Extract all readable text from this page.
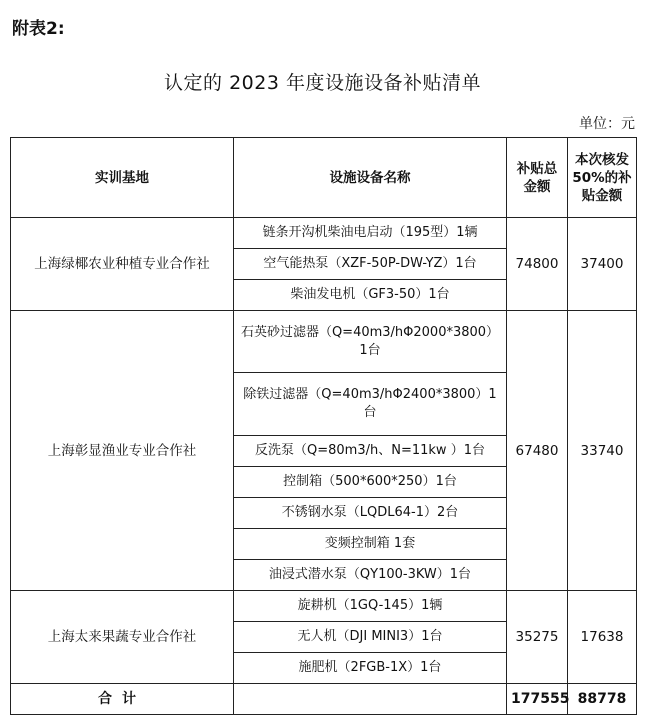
附表2:
认定的 2023 年度设施设备补贴清单
单位：元
实训基地	设施设备名称	补贴总金额	本次核发50%的补贴金额
上海绿椰农业种植专业合作社	链条开沟机柴油电启动（195型）1辆	74800	37400
	空气能热泵（XZF-50P-DW-YZ）1台		
	柴油发电机（GF3-50）1台		
上海彰显渔业专业合作社	石英砂过滤器（Q=40m3/hΦ2000*3800）1台	67480	33740
	除铁过滤器（Q=40m3/hΦ2400*3800）1台		
	反洗泵（Q=80m3/h、N=11kw ）1台		
	控制箱（500*600*250）1台		
	不锈钢水泵（LQDL64-1）2台		
	变频控制箱 1套		
	油浸式潜水泵（QY100-3KW）1台		
上海太来果蔬专业合作社	旋耕机（1GQ-145）1辆	35275	17638
	无人机（DJI MINI3）1台		
	施肥机（2FGB-1X）1台		
合计		177555	88778
